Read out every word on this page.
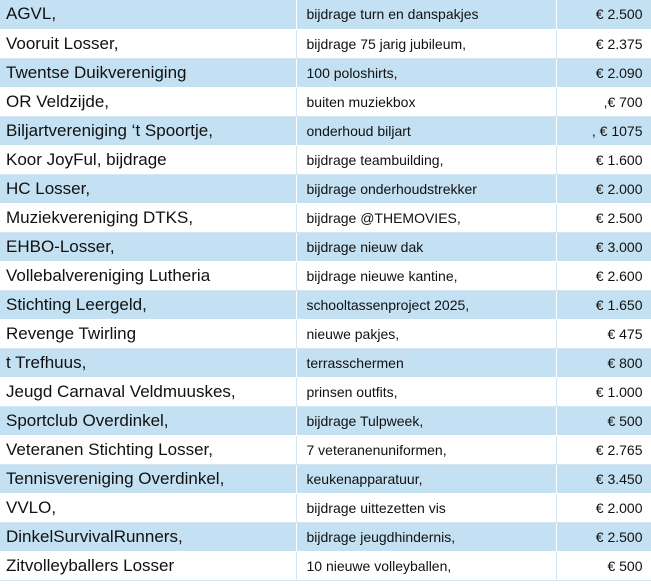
AGVL,	bijdrage turn en danspakjes	€ 2.500
Vooruit Losser,	bijdrage 75 jarig jubileum,	€ 2.375
Twentse Duikvereniging	100 poloshirts,	€ 2.090
OR Veldzijde,	buiten muziekbox	,€ 700
Biljartvereniging ‘t Spoortje,	onderhoud biljart	, € 1075
Koor JoyFul, bijdrage	bijdrage teambuilding,	€ 1.600
HC Losser,	bijdrage onderhoudstrekker	€ 2.000
Muziekvereniging DTKS,	bijdrage @THEMOVIES,	€ 2.500
EHBO-Losser,	bijdrage nieuw dak	€ 3.000
Vollebalvereniging Lutheria	bijdrage nieuwe kantine,	€ 2.600
Stichting Leergeld,	schooltassenproject 2025,	€ 1.650
Revenge Twirling	nieuwe pakjes,	€ 475
t Trefhuus,	terrasschermen	€ 800
Jeugd Carnaval Veldmuuskes,	prinsen outfits,	€ 1.000
Sportclub Overdinkel,	bijdrage Tulpweek,	€ 500
Veteranen Stichting Losser,	7 veteranenuniformen,	€ 2.765
Tennisvereniging Overdinkel,	keukenapparatuur,	€ 3.450
VVLO,	bijdrage uittezetten vis	€ 2.000
DinkelSurvivalRunners,	bijdrage jeugdhindernis,	€ 2.500
Zitvolleyballers Losser	10 nieuwe volleyballen,	€ 500
